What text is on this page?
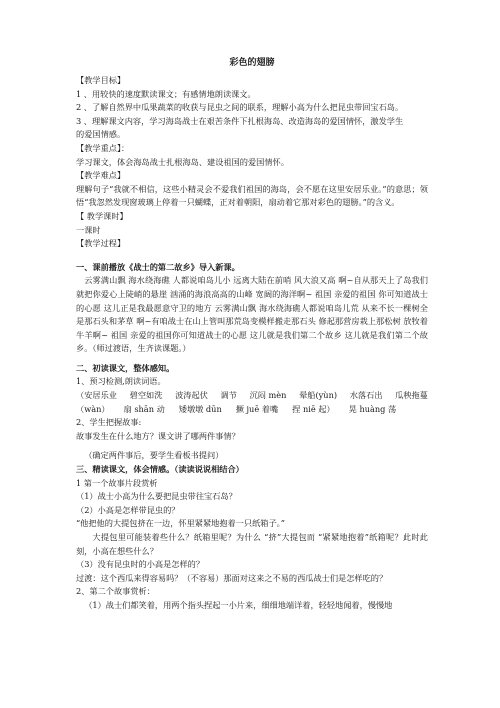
彩色的翅膀
【教学目标】
1 、用较快的速度默读课文；有感情地朗读课文。
2 、了解自然界中瓜果蔬菜的收获与昆虫之间的联系，理解小高为什么把昆虫带回宝石岛。
3 、理解课文内容，学习海岛战士在艰苦条件下扎根海岛、改造海岛的爱国情怀，激发学生
的爱国情感。
【教学重点】：
学习课文，体会海岛战士扎根海岛、建设祖国的爱国情怀。
【教学难点】
理解句子“我就不相信，这些小精灵会不爱我们祖国的海岛，会不愿在这里安居乐业。”的意思；领悟“我忽然发现窗玻璃上停着一只蝴蝶，正对着朝阳，扇动着它那对彩色的翅膀。”的含义。
【 教学课时】
一课时
【教学过程】
一、课前播放《战士的第二故乡》导入新课。
云雾满山飘 海水绕海礁 人都说咱岛儿小 远离大陆在前哨 风大浪又高 啊~自从那天上了岛我们就把你爱心上陡峭的悬崖 汹涌的海浪高高的山峰 宽阔的海洋啊~ 祖国 亲爱的祖国 你可知道战士的心愿 这儿正是我最愿意守卫的地方 云雾满山飘 海水绕海礁人都说咱岛儿荒 从来不长一棵树全是那石头和茅草 啊~有咱战士在山上管叫那荒岛变模样搬走那石头 修起那营房栽上那松树 放牧着牛羊啊~ 祖国 亲爱的祖国你可知道战士的心愿 这儿就是我们第二个故乡 这儿就是我们第二个故乡。（师过渡语，生齐读课题。）
二、初读课文，整体感知。
1、预习检测,朗读词语。
（安居乐业 碧空如洗 波涛起伏 调节 沉闷 mèn 晕船(yùn) 水落石出 瓜秧拖蔓
（wàn） 扇 shān 动 矮墩墩 dūn 撅 juē 着嘴 捏 niē 起） 晃 huàng 荡
2、学生把握故事:
故事发生在什么地方？课文讲了哪两件事情？
（确定两件事后，要学生看板书提问）
三、精读课文，体会情感。（读读说说相结合）
1 第一个故事片段赏析
（1）战士小高为什么要把昆虫带往宝石岛？
（2）小高是怎样带昆虫的？
“他把他的大提包挤在一边，怀里紧紧地抱着一只纸箱子。”
大提包里可能装着些什么？纸箱里呢？为什么 “挤”大提包而 “紧紧地抱着”纸箱呢？此时此刻，小高在想些什么？
（3）没有昆虫时的小高是怎样的？
过渡：这个西瓜来得容易吗？（不容易）那面对这来之不易的西瓜战士们是怎样吃的？
2、第二个故事赏析：
（1）战士们都笑着，用两个指头捏起一小片来，细细地端详着，轻轻地闻着，慢慢地
